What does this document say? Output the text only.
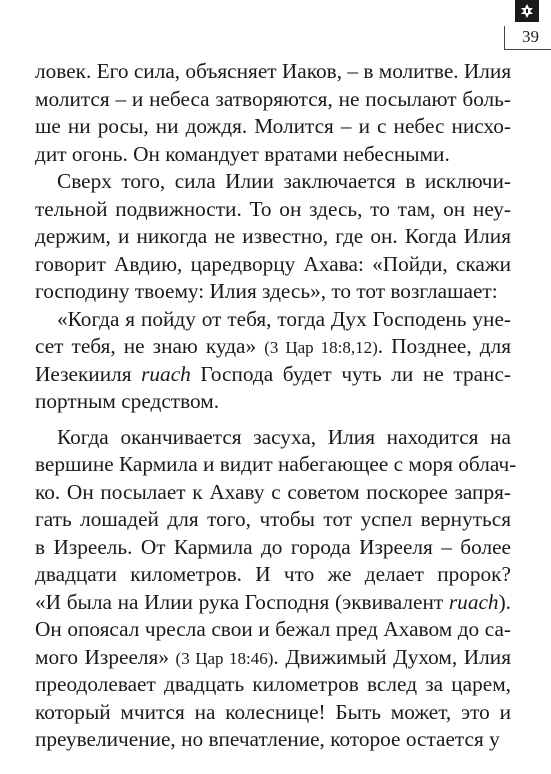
39
ловек. Его сила, объясняет Иаков, – в молитве. Илия
молится – и небеса затворяются, не посылают боль-
ше ни росы, ни дождя. Молится – и с небес нисхо-
дит огонь. Он командует вратами небесными.
Сверх того, сила Илии заключается в исключи-
тельной подвижности. То он здесь, то там, он неу-
держим, и никогда не известно, где он. Когда Илия
говорит Авдию, царедворцу Ахава: «Пойди, скажи
господину твоему: Илия здесь», то тот возглашает:
«Когда я пойду от тебя, тогда Дух Господень унe-
сет тебя, не знаю куда» (3 Цар 18:8,12). Позднее, для
Иезекииля ruach Господа будет чуть ли не транс-
портным средством.
Когда оканчивается засуха, Илия находится на
вершине Кармила и видит набегающее с моря облач-
ко. Он посылает к Ахаву с советом поскорее запря-
гать лошадей для того, чтобы тот успел вернуться
в Изреель. От Кармила до города Изрееля – более
двадцати километров. И что же делает пророк?
«И была на Илии рука Господня (эквивалент ruach).
Он опоясал чресла свои и бежал пред Ахавом до са-
мого Изрееля» (3 Цар 18:46). Движимый Духом, Илия
преодолевает двадцать километров вслед за царем,
который мчится на колеснице! Быть может, это и
преувеличение, но впечатление, которое остается у
